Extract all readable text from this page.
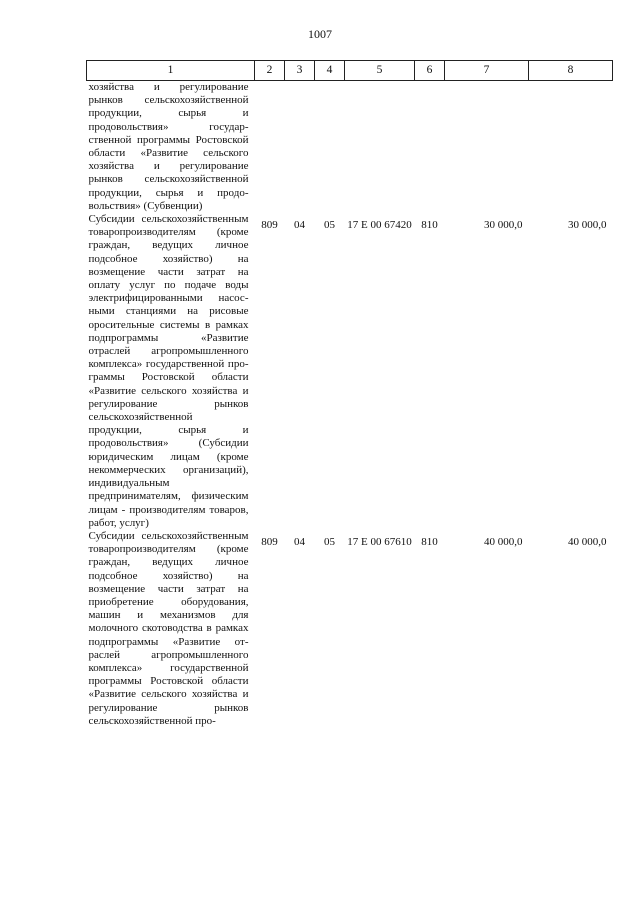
1007
1	2	3	4	5	6	7	8
хозяйства и регулирование рынков сельскохозяйственной продукции, сырья и продовольствия» государственной программы Ростовской области «Развитие сельского хозяйства и регулирование рынков сельскохозяйственной продукции, сырья и продовольствия» (Субвенции)							
Субсидии сельскохозяйственным товаропроизводителям (кроме граждан, ведущих личное подсобное хозяйство) на возмещение части затрат на оплату услуг по подаче воды электрифицированными насосными станциями на рисовые оросительные системы в рамках подпрограммы «Развитие отраслей агропромышленного комплекса» государственной программы Ростовской области «Развитие сельского хозяйства и регулирование рынков сельскохозяйственной продукции, сырья и продовольствия» (Субсидии юридическим лицам (кроме некоммерческих организаций), индивидуальным предпринимателям, физическим лицам - производителям товаров, работ, услуг)	809	04	05	17 Е 00 67420	810	30 000,0	30 000,0
Субсидии сельскохозяйственным товаропроизводителям (кроме граждан, ведущих личное подсобное хозяйство) на возмещение части затрат на приобретение оборудования, машин и механизмов для молочного скотоводства в рамках подпрограммы «Развитие отраслей агропромышленного комплекса» государственной программы Ростовской области «Развитие сельского хозяйства и регулирование рынков сельскохозяйственной про-	809	04	05	17 Е 00 67610	810	40 000,0	40 000,0
